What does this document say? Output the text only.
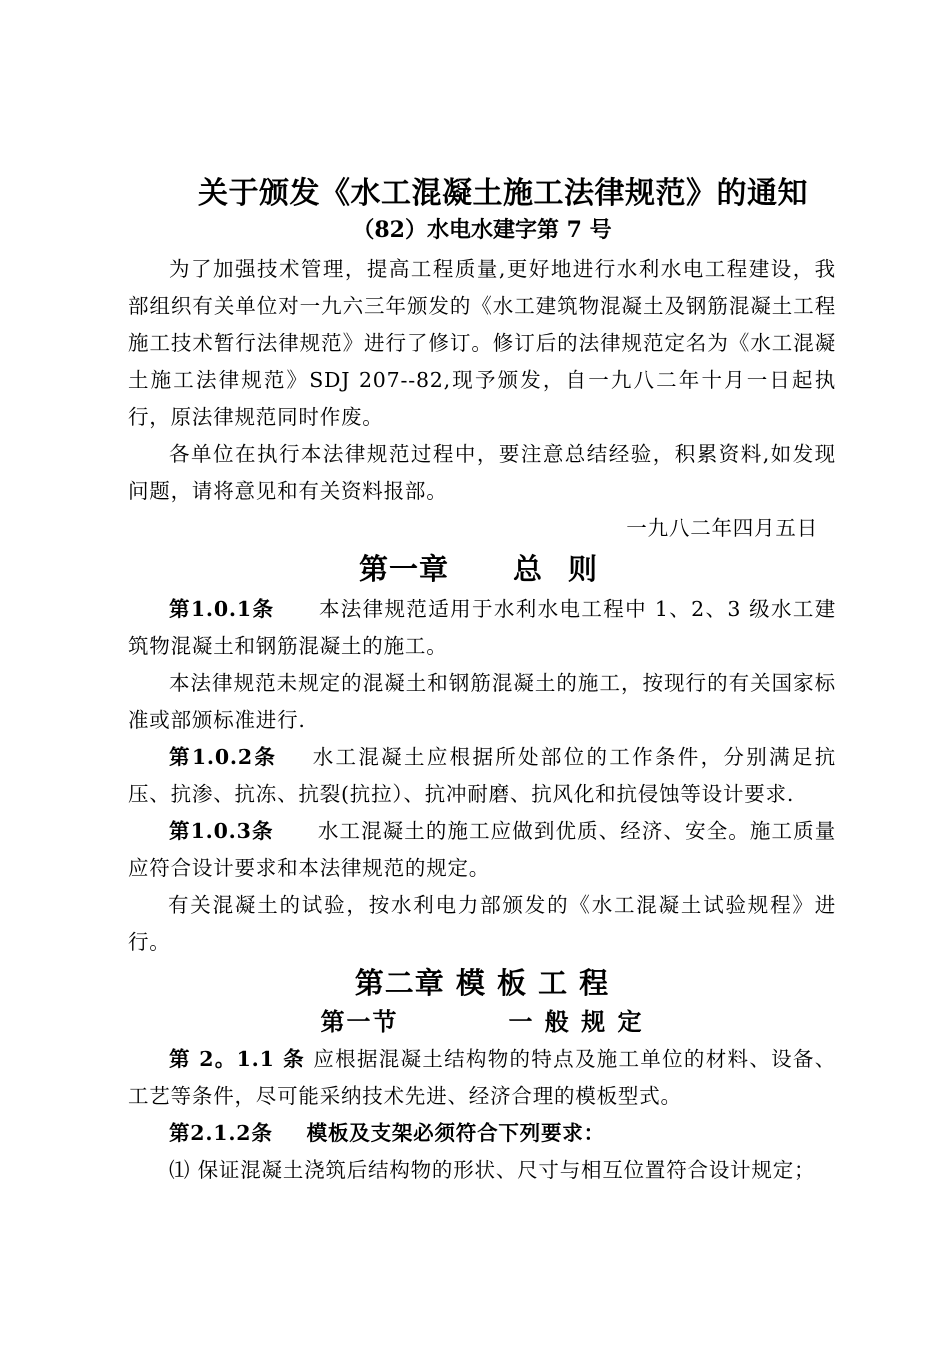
关于颁发《水工混凝土施工法律规范》的通知
（82）水电水建字第 7 号

为了加强技术管理，提高工程质量,更好地进行水利水电工程建设，我部组织有关单位对一九六三年颁发的《水工建筑物混凝土及钢筋混凝土工程施工技术暂行法律规范》进行了修订。修订后的法律规范定名为《水工混凝土施工法律规范》SDJ 207--82,现予颁发，自一九八二年十月一日起执行，原法律规范同时作废。

各单位在执行本法律规范过程中，要注意总结经验，积累资料,如发现问题，请将意见和有关资料报部。

一九八二年四月五日
第一章 总 则

第1.0.1条 本法律规范适用于水利水电工程中 1、2、3 级水工建筑物混凝土和钢筋混凝土的施工。

本法律规范未规定的混凝土和钢筋混凝土的施工，按现行的有关国家标准或部颁标准进行.

第1.0.2条 水工混凝土应根据所处部位的工作条件，分别满足抗压、抗渗、抗冻、抗裂(抗拉）、抗冲耐磨、抗风化和抗侵蚀等设计要求.

第1.0.3条 水工混凝土的施工应做到优质、经济、安全。施工质量应符合设计要求和本法律规范的规定。

有关混凝土的试验，按水利电力部颁发的《水工混凝土试验规程》进行。

第二章 模 板 工 程
第一节	一 般 规 定

第 2。1.1 条 应根据混凝土结构物的特点及施工单位的材料、设备、工艺等条件，尽可能采纳技术先进、经济合理的模板型式。

第2.1.2条 模板及支架必须符合下列要求：

⑴ 保证混凝土浇筑后结构物的形状、尺寸与相互位置符合设计规定；
